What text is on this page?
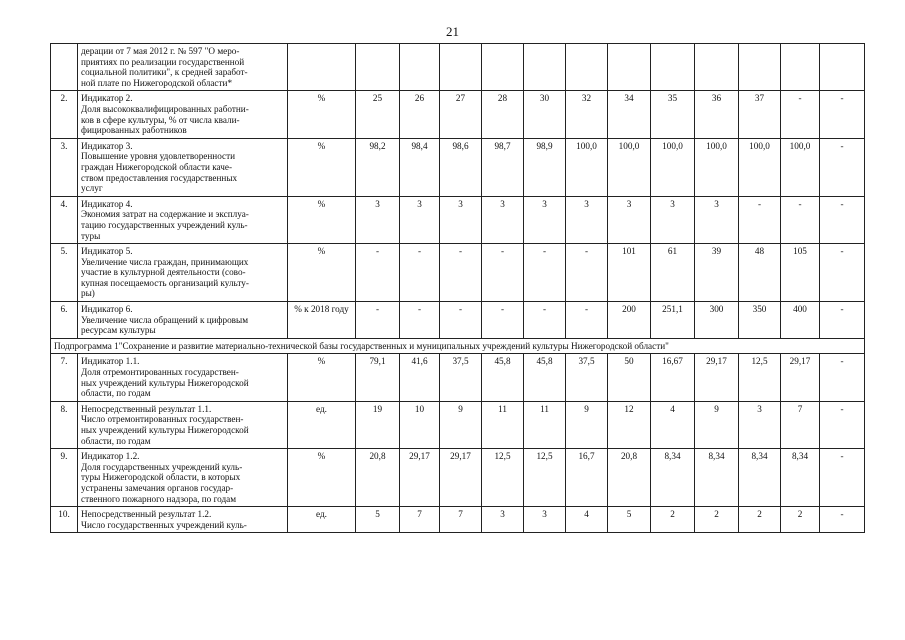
21

	дерации от 7 мая 2012 г. № 597 "О меро-
приятиях по реализации государственной
социальной политики", к средней заработ-
ной плате по Нижегородской области*													

2.	Индикатор 2.
Доля высококвалифицированных работни-
ков в сфере культуры, % от числа квали-
фицированных работников	%	25	26	27	28	30	32	34	35	36	37	-	-
3.	Индикатор 3.
Повышение уровня удовлетворенности
граждан Нижегородской области каче-
ством предоставления государственных
услуг	%	98,2	98,4	98,6	98,7	98,9	100,0	100,0	100,0	100,0	100,0	100,0	-
4.	Индикатор 4.
Экономия затрат на содержание и эксплуа-
тацию государственных учреждений куль-
туры	%	3	3	3	3	3	3	3	3	3	-	-	-
5.	Индикатор 5.
Увеличение числа граждан, принимающих
участие в культурной деятельности (сово-
купная посещаемость организаций культу-
ры)	%	-	-	-	-	-	-	101	61	39	48	105	-
6.	Индикатор 6.
Увеличение числа обращений к цифровым
ресурсам культуры	% к 2018 году	-	-	-	-	-	-	200	251,1	300	350	400	-
Подпрограмма 1"Сохранение и развитие материально-технической базы государственных и муниципальных учреждений культуры Нижегородской области"														
7.	Индикатор 1.1.
Доля отремонтированных государствен-
ных учреждений культуры Нижегородской
области, по годам	%	79,1	41,6	37,5	45,8	45,8	37,5	50	16,67	29,17	12,5	29,17	-
8.	Непосредственный результат 1.1.
Число отремонтированных государствен-
ных учреждений культуры Нижегородской
области, по годам	ед.	19	10	9	11	11	9	12	4	9	3	7	-
9.	Индикатор 1.2.
Доля государственных учреждений куль-
туры Нижегородской области, в которых
устранены замечания органов государ-
ственного пожарного надзора, по годам	%	20,8	29,17	29,17	12,5	12,5	16,7	20,8	8,34	8,34	8,34	8,34	-
10.	Непосредственный результат 1.2.
Число государственных учреждений куль-	ед.	5	7	7	3	3	4	5	2	2	2	2	-
